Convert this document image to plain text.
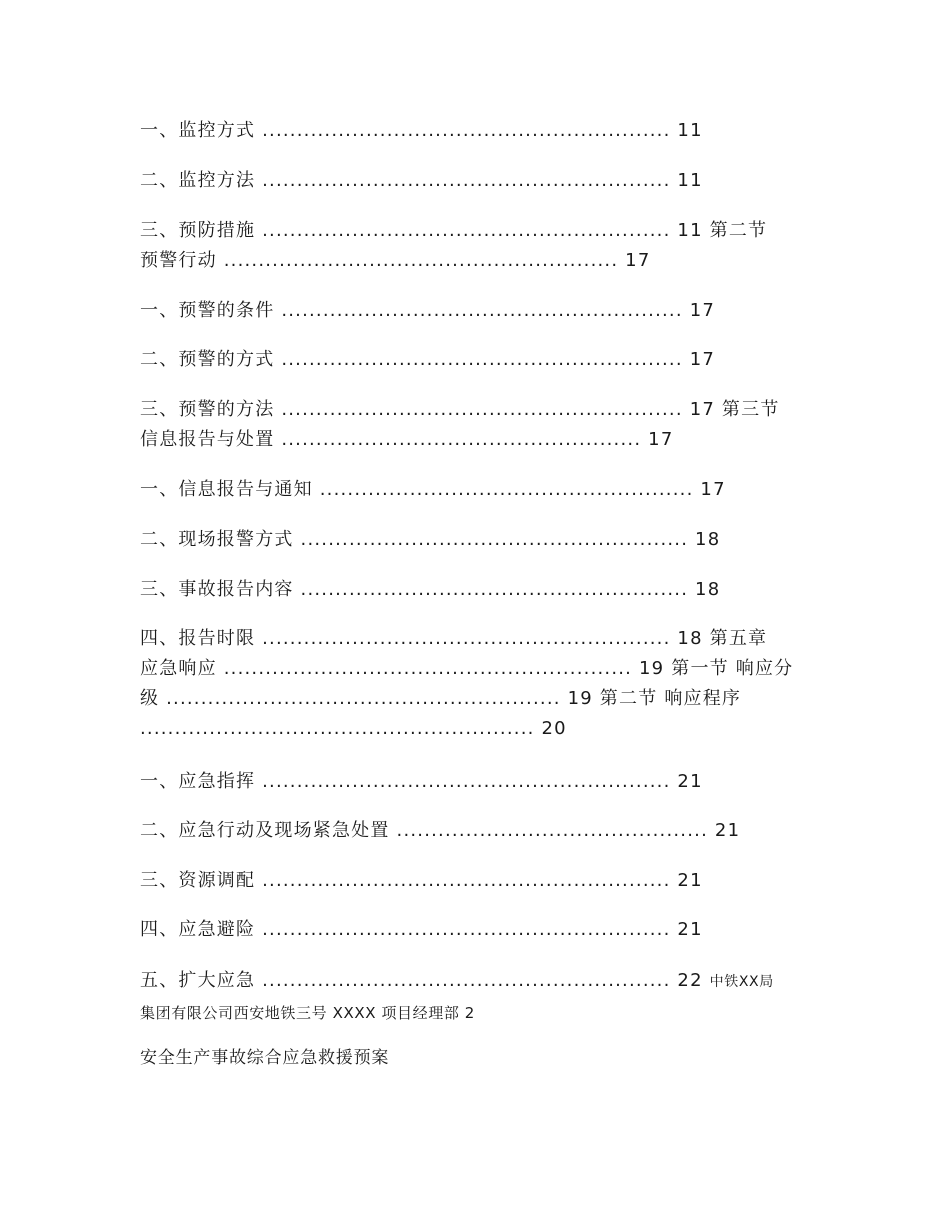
一、监控方式 ........................................................... 11
二、监控方法 ........................................................... 11
三、预防措施 ........................................................... 11 第二节
预警行动 ......................................................... 17
一、预警的条件 .......................................................... 17
二、预警的方式 .......................................................... 17
三、预警的方法 .......................................................... 17 第三节
信息报告与处置 .................................................... 17
一、信息报告与通知 ...................................................... 17
二、现场报警方式 ........................................................ 18
三、事故报告内容 ........................................................ 18
四、报告时限 ........................................................... 18 第五章
应急响应 ........................................................... 19 第一节 响应分
级 ......................................................... 19 第二节 响应程序
......................................................... 20
一、应急指挥 ........................................................... 21
二、应急行动及现场紧急处置 ............................................. 21
三、资源调配 ........................................................... 21
四、应急避险 ........................................................... 21
五、扩大应急 ........................................................... 22 中铁XX局
集团有限公司西安地铁三号 XXXX 项目经理部 2
安全生产事故综合应急救援预案
